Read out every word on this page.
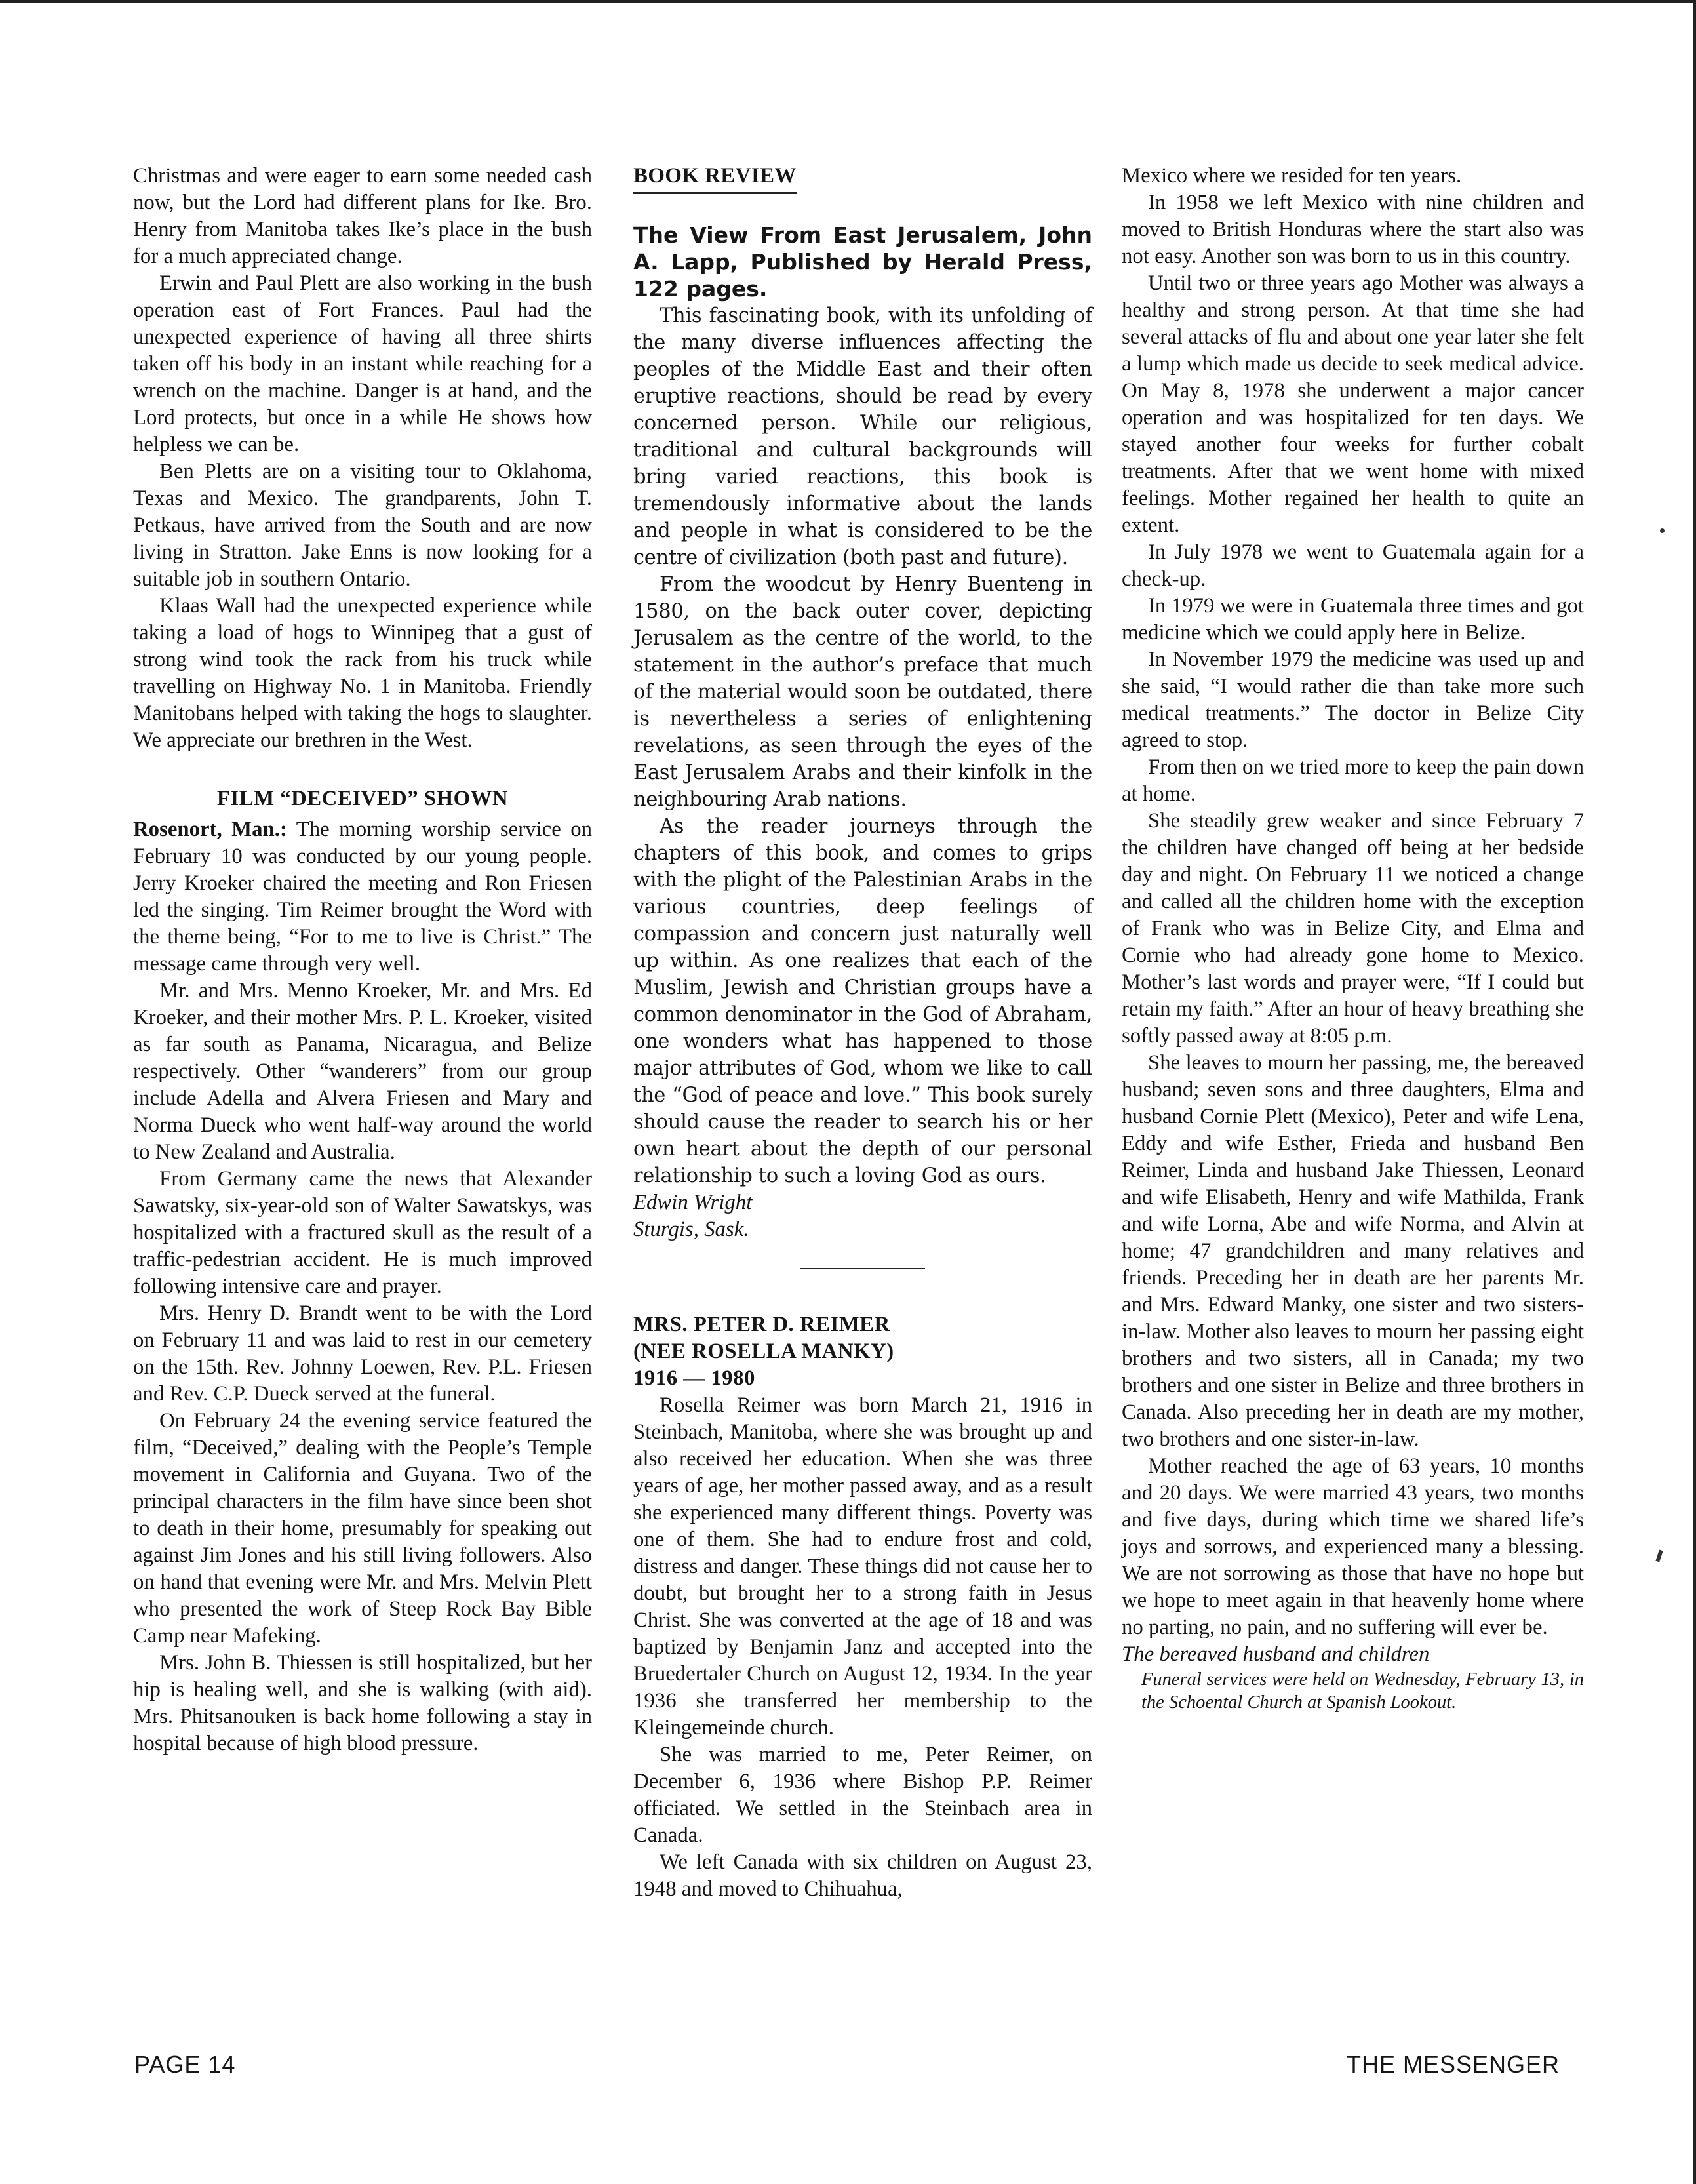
Christmas and were eager to earn some needed cash now, but the Lord had different plans for Ike. Bro. Henry from Manitoba takes Ike’s place in the bush for a much appreciated change.

Erwin and Paul Plett are also working in the bush operation east of Fort Frances. Paul had the unexpected experience of having all three shirts taken off his body in an instant while reaching for a wrench on the machine. Danger is at hand, and the Lord protects, but once in a while He shows how helpless we can be.

Ben Pletts are on a visiting tour to Oklahoma, Texas and Mexico. The grandparents, John T. Petkaus, have arrived from the South and are now living in Stratton. Jake Enns is now looking for a suitable job in southern Ontario.

Klaas Wall had the unexpected experience while taking a load of hogs to Winnipeg that a gust of strong wind took the rack from his truck while travelling on Highway No. 1 in Manitoba. Friendly Manitobans helped with taking the hogs to slaughter. We appreciate our brethren in the West.

FILM “DECEIVED” SHOWN

Rosenort, Man.: The morning worship service on February 10 was conducted by our young people. Jerry Kroeker chaired the meeting and Ron Friesen led the singing. Tim Reimer brought the Word with the theme being, “For to me to live is Christ.” The message came through very well.

Mr. and Mrs. Menno Kroeker, Mr. and Mrs. Ed Kroeker, and their mother Mrs. P. L. Kroeker, visited as far south as Panama, Nicaragua, and Belize respectively. Other “wanderers” from our group include Adella and Alvera Friesen and Mary and Norma Dueck who went half-way around the world to New Zealand and Australia.

From Germany came the news that Alexander Sawatsky, six-year-old son of Walter Sawatskys, was hospitalized with a fractured skull as the result of a traffic-pedestrian accident. He is much improved following intensive care and prayer.

Mrs. Henry D. Brandt went to be with the Lord on February 11 and was laid to rest in our cemetery on the 15th. Rev. Johnny Loewen, Rev. P.L. Friesen and Rev. C.P. Dueck served at the funeral.

On February 24 the evening service featured the film, “Deceived,” dealing with the People’s Temple movement in California and Guyana. Two of the principal characters in the film have since been shot to death in their home, presumably for speaking out against Jim Jones and his still living followers. Also on hand that evening were Mr. and Mrs. Melvin Plett who presented the work of Steep Rock Bay Bible Camp near Mafeking.

Mrs. John B. Thiessen is still hospitalized, but her hip is healing well, and she is walking (with aid). Mrs. Phitsanouken is back home following a stay in hospital because of high blood pressure.

BOOK REVIEW

The View From East Jerusalem, John A. Lapp, Published by Herald Press, 122 pages.

This fascinating book, with its unfolding of the many diverse influences affecting the peoples of the Middle East and their often eruptive reactions, should be read by every concerned person. While our religious, traditional and cultural backgrounds will bring varied reactions, this book is tremendously informative about the lands and people in what is considered to be the centre of civilization (both past and future).

From the woodcut by Henry Buenteng in 1580, on the back outer cover, depicting Jerusalem as the centre of the world, to the statement in the author’s preface that much of the material would soon be outdated, there is nevertheless a series of enlightening revelations, as seen through the eyes of the East Jerusalem Arabs and their kinfolk in the neighbouring Arab nations.

As the reader journeys through the chapters of this book, and comes to grips with the plight of the Palestinian Arabs in the various countries, deep feelings of compassion and concern just naturally well up within. As one realizes that each of the Muslim, Jewish and Christian groups have a common denominator in the God of Abraham, one wonders what has happened to those major attributes of God, whom we like to call the “God of peace and love.” This book surely should cause the reader to search his or her own heart about the depth of our personal relationship to such a loving God as ours.

Edwin Wright

Sturgis, Sask.

MRS. PETER D. REIMER

(NEE ROSELLA MANKY)

1916 — 1980

Rosella Reimer was born March 21, 1916 in Steinbach, Manitoba, where she was brought up and also received her education. When she was three years of age, her mother passed away, and as a result she experienced many different things. Poverty was one of them. She had to endure frost and cold, distress and danger. These things did not cause her to doubt, but brought her to a strong faith in Jesus Christ. She was converted at the age of 18 and was baptized by Benjamin Janz and accepted into the Bruedertaler Church on August 12, 1934. In the year 1936 she transferred her membership to the Kleingemeinde church.

She was married to me, Peter Reimer, on December 6, 1936 where Bishop P.P. Reimer officiated. We settled in the Steinbach area in Canada.

We left Canada with six children on August 23, 1948 and moved to Chihuahua,

Mexico where we resided for ten years.

In 1958 we left Mexico with nine children and moved to British Honduras where the start also was not easy. Another son was born to us in this country.

Until two or three years ago Mother was always a healthy and strong person. At that time she had several attacks of flu and about one year later she felt a lump which made us decide to seek medical advice. On May 8, 1978 she underwent a major cancer operation and was hospitalized for ten days. We stayed another four weeks for further cobalt treatments. After that we went home with mixed feelings. Mother regained her health to quite an extent.

In July 1978 we went to Guatemala again for a check-up.

In 1979 we were in Guatemala three times and got medicine which we could apply here in Belize.

In November 1979 the medicine was used up and she said, “I would rather die than take more such medical treatments.” The doctor in Belize City agreed to stop.

From then on we tried more to keep the pain down at home.

She steadily grew weaker and since February 7 the children have changed off being at her bedside day and night. On February 11 we noticed a change and called all the children home with the exception of Frank who was in Belize City, and Elma and Cornie who had already gone home to Mexico. Mother’s last words and prayer were, “If I could but retain my faith.” After an hour of heavy breathing she softly passed away at 8:05 p.m.

She leaves to mourn her passing, me, the bereaved husband; seven sons and three daughters, Elma and husband Cornie Plett (Mexico), Peter and wife Lena, Eddy and wife Esther, Frieda and husband Ben Reimer, Linda and husband Jake Thiessen, Leonard and wife Elisabeth, Henry and wife Mathilda, Frank and wife Lorna, Abe and wife Norma, and Alvin at home; 47 grandchildren and many relatives and friends. Preceding her in death are her parents Mr. and Mrs. Edward Manky, one sister and two sisters-in-law. Mother also leaves to mourn her passing eight brothers and two sisters, all in Canada; my two brothers and one sister in Belize and three brothers in Canada. Also preceding her in death are my mother, two brothers and one sister-in-law.

Mother reached the age of 63 years, 10 months and 20 days. We were married 43 years, two months and five days, during which time we shared life’s joys and sorrows, and experienced many a blessing. We are not sorrowing as those that have no hope but we hope to meet again in that heavenly home where no parting, no pain, and no suffering will ever be.

The bereaved husband and children

Funeral services were held on Wednesday, February 13, in the Schoental Church at Spanish Lookout.

PAGE 14	THE MESSENGER
